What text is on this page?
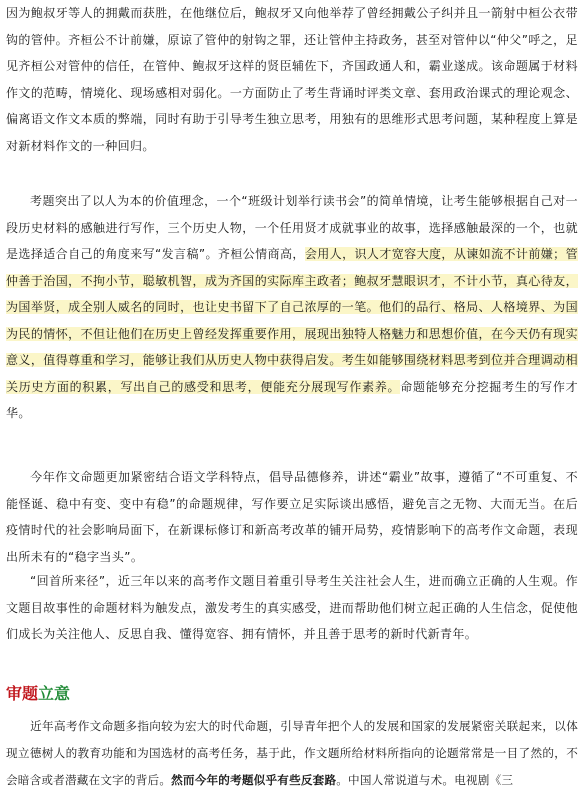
因为鲍叔牙等人的拥戴而获胜，在他继位后，鲍叔牙又向他举荐了曾经拥戴公子纠并且一箭射中桓公衣带钩的管仲。齐桓公不计前嫌，原谅了管仲的射钩之罪，还让管仲主持政务，甚至对管仲以“仲父”呼之，足见齐桓公对管仲的信任，在管仲、鲍叔牙这样的贤臣辅佐下，齐国政通人和，霸业遂成。该命题属于材料作文的范畴，情境化、现场感相对弱化。一方面防止了考生背诵时评类文章、套用政治课式的理论观念、偏离语文作文本质的弊端，同时有助于引导考生独立思考，用独有的思维形式思考问题，某种程度上算是对新材料作文的一种回归。

考题突出了以人为本的价值理念，一个“班级计划举行读书会”的简单情境，让考生能够根据自己对一段历史材料的感触进行写作，三个历史人物，一个任用贤才成就事业的故事，选择感触最深的一个，也就是选择适合自己的角度来写“发言稿”。齐桓公情商高，会用人，识人才宽容大度，从谏如流不计前嫌；管仲善于治国，不拘小节，聪敏机智，成为齐国的实际库主政者；鲍叔牙慧眼识才，不计小节，真心待友，为国举贤，成全别人威名的同时，也让史书留下了自己浓厚的一笔。他们的品行、格局、人格境界、为国为民的情怀，不但让他们在历史上曾经发挥重要作用，展现出独特人格魅力和思想价值，在今天仍有现实意义，值得尊重和学习，能够让我们从历史人物中获得启发。考生如能够围绕材料思考到位并合理调动相关历史方面的积累，写出自己的感受和思考，便能充分展现写作素养。命题能够充分挖掘考生的写作才华。

今年作文命题更加紧密结合语文学科特点，倡导品德修养，讲述“霸业”故事，遵循了“不可重复、不能怪诞、稳中有变、变中有稳”的命题规律，写作要立足实际谈出感悟，避免言之无物、大而无当。在后疫情时代的社会影响局面下，在新课标修订和新高考改革的铺开局势，疫情影响下的高考作文命题，表现出所未有的“稳字当头”。

“回首所来径”，近三年以来的高考作文题目着重引导考生关注社会人生，进而确立正确的人生观。作文题目故事性的命题材料为触发点，激发考生的真实感受，进而帮助他们树立起正确的人生信念，促使他们成长为关注他人、反思自我、懂得宽容、拥有情怀，并且善于思考的新时代新青年。

审题立意

近年高考作文命题多指向较为宏大的时代命题，引导青年把个人的发展和国家的发展紧密关联起来，以体现立德树人的教育功能和为国选材的高考任务，基于此，作文题所给材料所指向的论题常常是一目了然的，不会暗含或者潜藏在文字的背后。然而今年的考题似乎有些反套路。中国人常说道与术。电视剧《三
